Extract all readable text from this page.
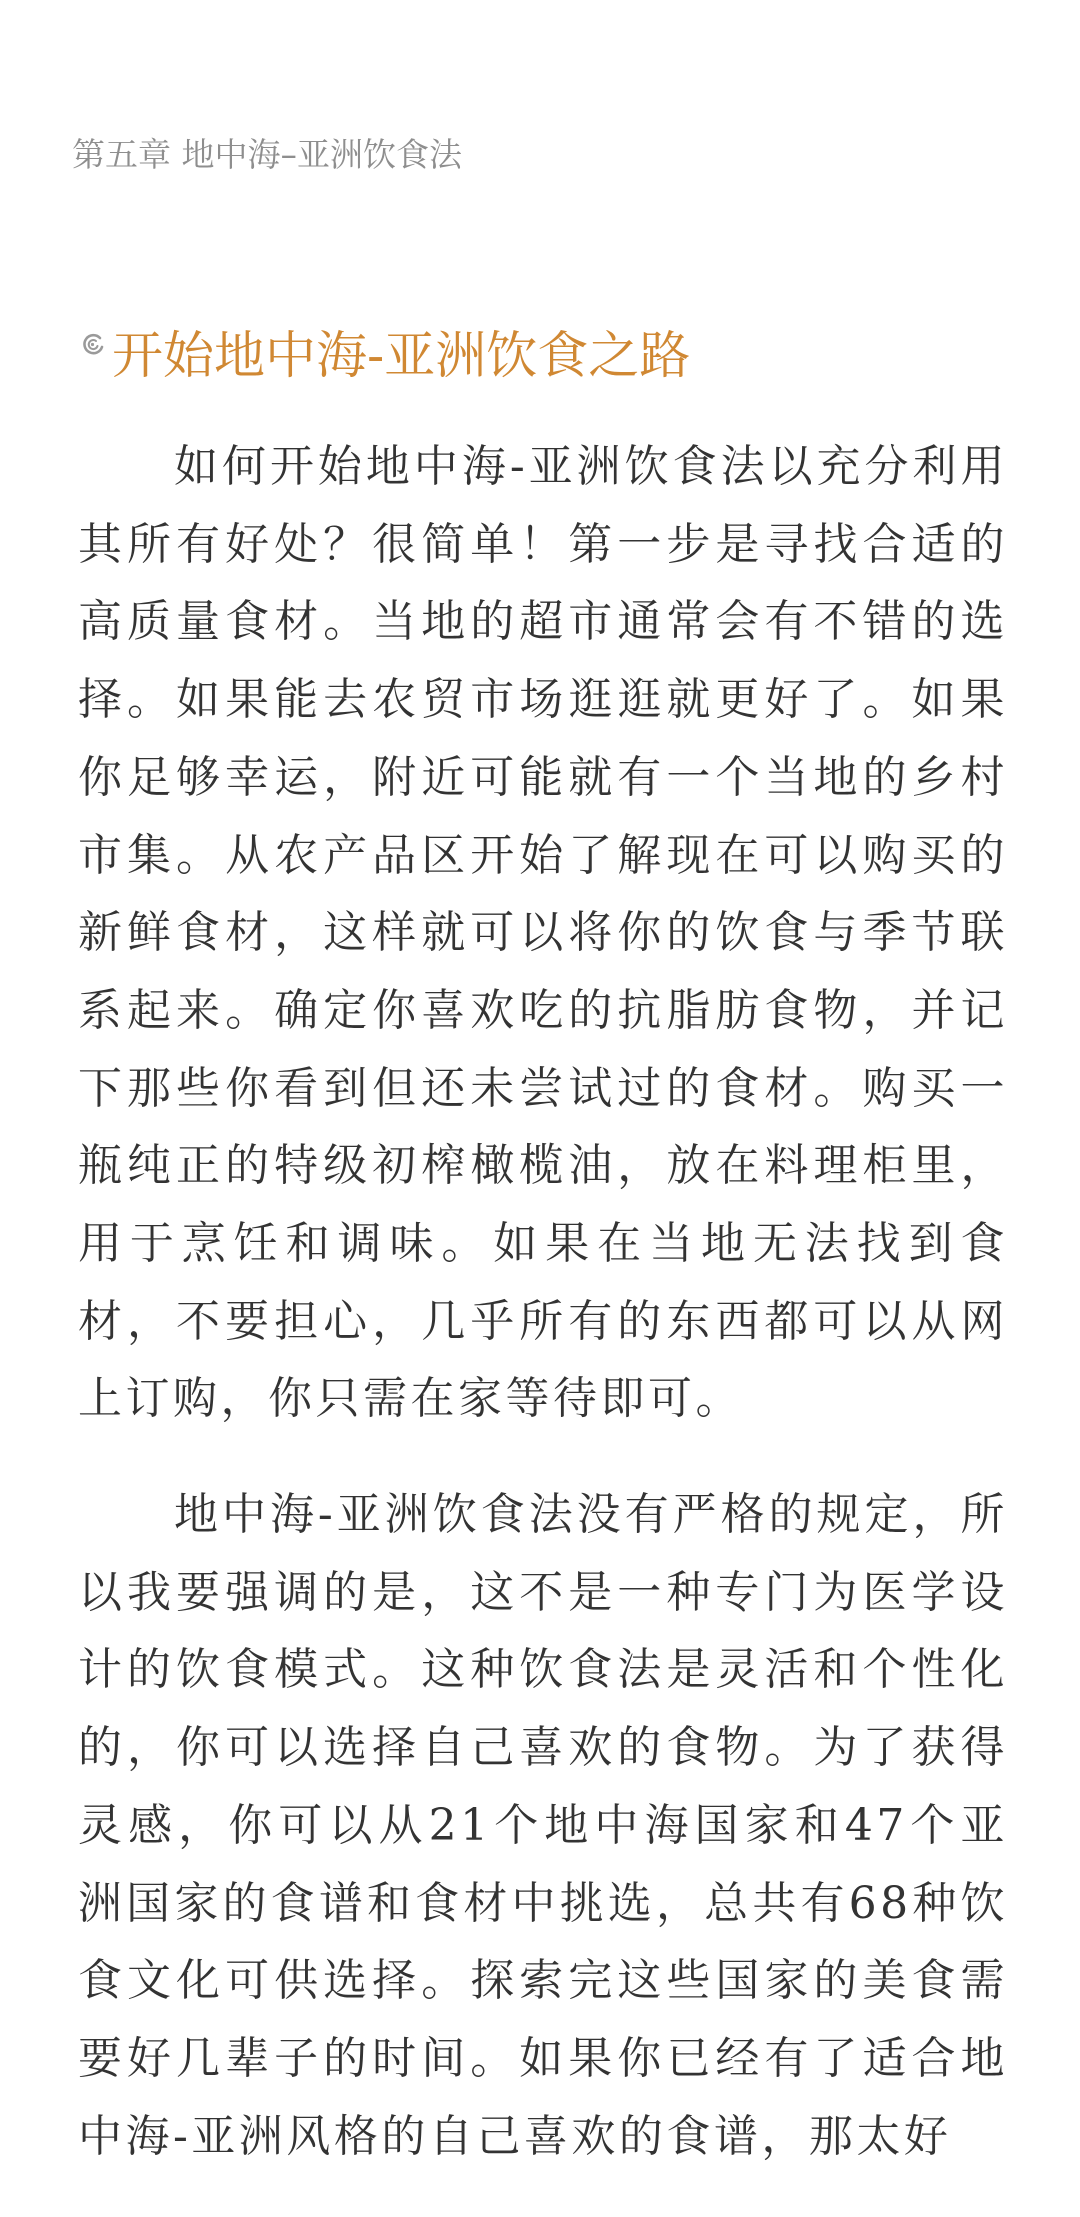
第五章 地中海–亚洲饮食法
开始地中海-亚洲饮食之路

如何开始地中海-亚洲饮食法以充分利用其所有好处？很简单！第一步是寻找合适的高质量食材。当地的超市通常会有不错的选择。如果能去农贸市场逛逛就更好了。如果你足够幸运，附近可能就有一个当地的乡村市集。从农产品区开始了解现在可以购买的新鲜食材，这样就可以将你的饮食与季节联系起来。确定你喜欢吃的抗脂肪食物，并记下那些你看到但还未尝试过的食材。购买一瓶纯正的特级初榨橄榄油，放在料理柜里，用于烹饪和调味。如果在当地无法找到食材，不要担心，几乎所有的东西都可以从网上订购，你只需在家等待即可。

地中海-亚洲饮食法没有严格的规定，所以我要强调的是，这不是一种专门为医学设计的饮食模式。这种饮食法是灵活和个性化的，你可以选择自己喜欢的食物。为了获得灵感，你可以从21个地中海国家和47个亚洲国家的食谱和食材中挑选，总共有68种饮食文化可供选择。探索完这些国家的美食需要好几辈子的时间。如果你已经有了适合地中海-亚洲风格的自己喜欢的食谱，那太好
